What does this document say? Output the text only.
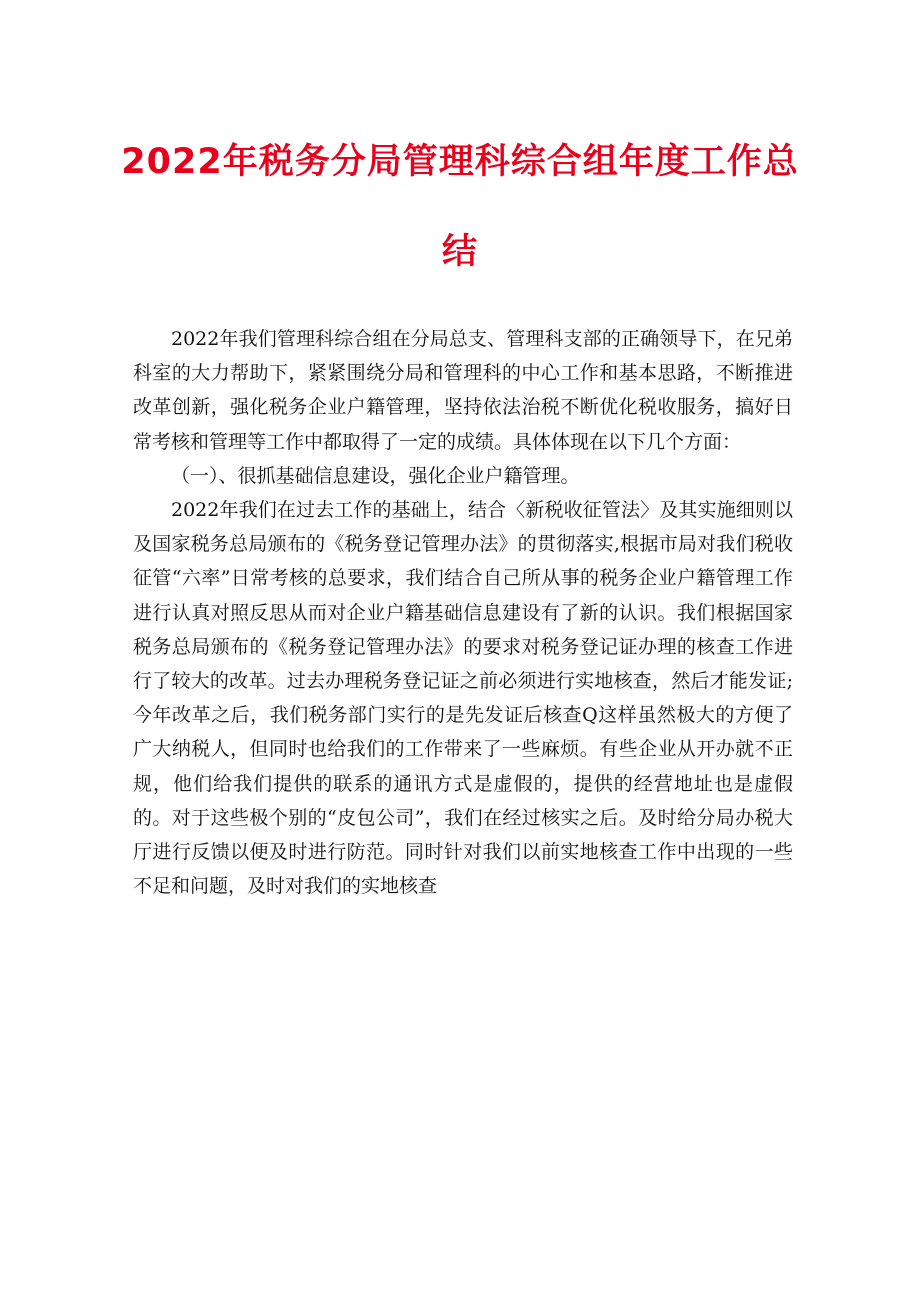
2022年税务分局管理科综合组年度工作总
结

2022年我们管理科综合组在分局总支、管理科支部的正确领导下，在兄弟科室的大力帮助下，紧紧围绕分局和管理科的中心工作和基本思路，不断推进改革创新，强化税务企业户籍管理，坚持依法治税不断优化税收服务，搞好日常考核和管理等工作中都取得了一定的成绩。具体体现在以下几个方面：

（一）、很抓基础信息建设，强化企业户籍管理。

2022年我们在过去工作的基础上，结合〈新税收征管法〉及其实施细则以及国家税务总局颁布的《税务登记管理办法》的贯彻落实,根据市局对我们税收征管“六率”日常考核的总要求，我们结合自己所从事的税务企业户籍管理工作进行认真对照反思从而对企业户籍基础信息建设有了新的认识。我们根据国家税务总局颁布的《税务登记管理办法》的要求对税务登记证办理的核查工作进行了较大的改革。过去办理税务登记证之前必须进行实地核查，然后才能发证;今年改革之后，我们税务部门实行的是先发证后核查Q这样虽然极大的方便了广大纳税人，但同时也给我们的工作带来了一些麻烦。有些企业从开办就不正规，他们给我们提供的联系的通讯方式是虚假的，提供的经营地址也是虚假的。对于这些极个别的“皮包公司”，我们在经过核实之后。及时给分局办税大厅进行反馈以便及时进行防范。同时针对我们以前实地核查工作中出现的一些不足和问题，及时对我们的实地核查
